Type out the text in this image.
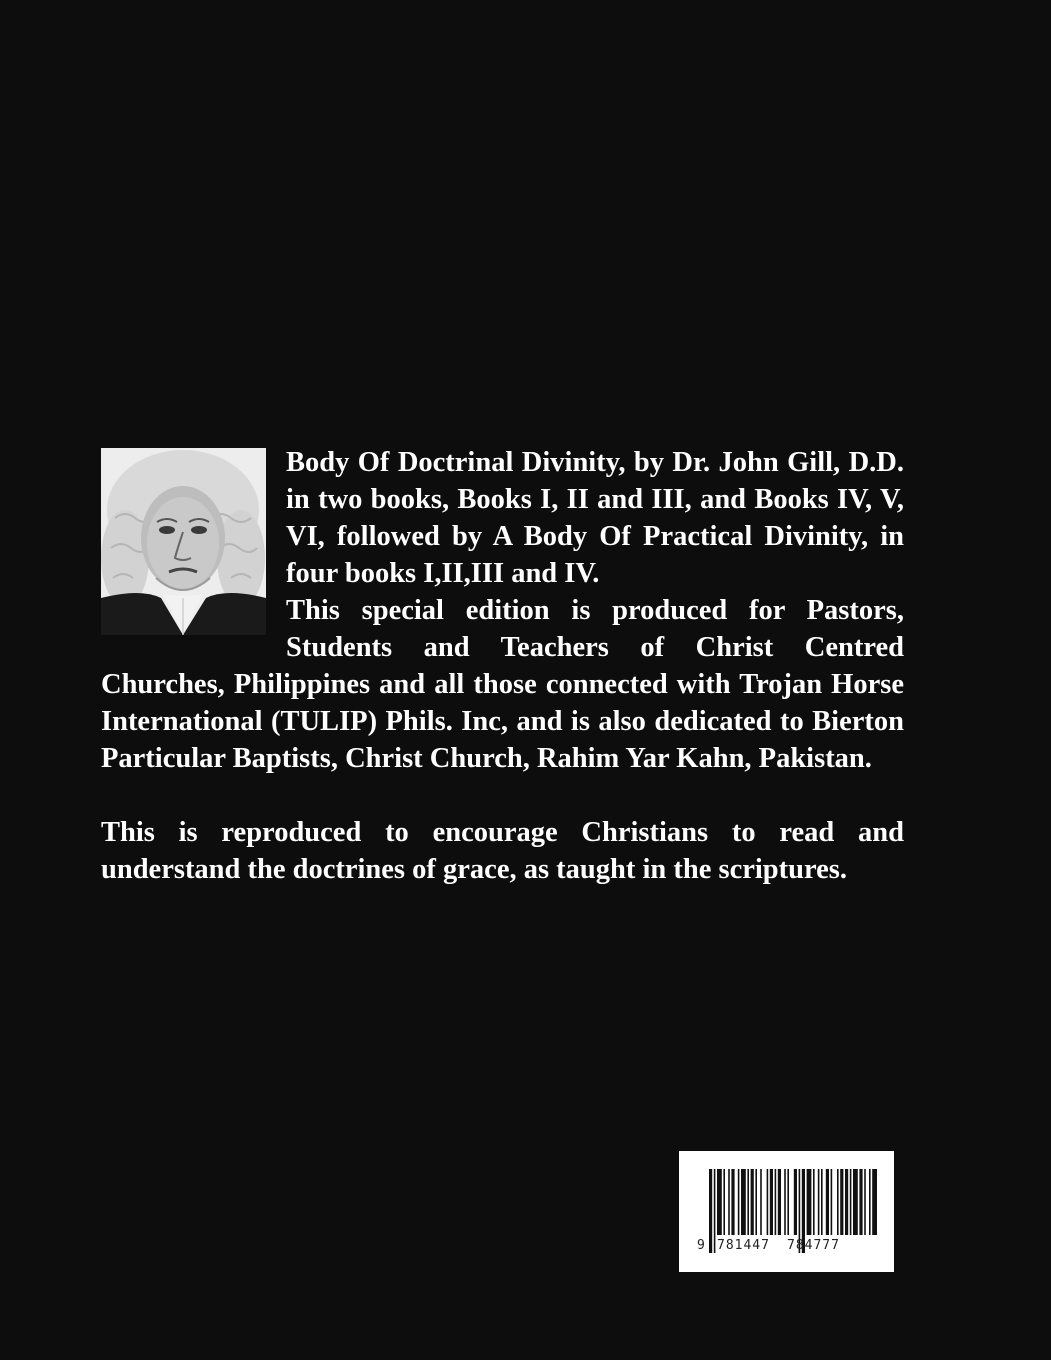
Body Of Doctrinal Divinity, by Dr. John Gill, D.D. in two books, Books I, II and III, and Books IV, V, VI, followed by A Body Of Practical Divinity, in four books I,II,III and IV.
This special edition is produced for Pastors, Students and Teachers of Christ Centred Churches, Philippines and all those connected with Trojan Horse International (TULIP) Phils. Inc, and is also dedicated to Bierton Particular Baptists, Christ Church, Rahim Yar Kahn, Pakistan.
This is reproduced to encourage Christians to read and understand the doctrines of grace, as taught in the scriptures.
9 781447 784777
